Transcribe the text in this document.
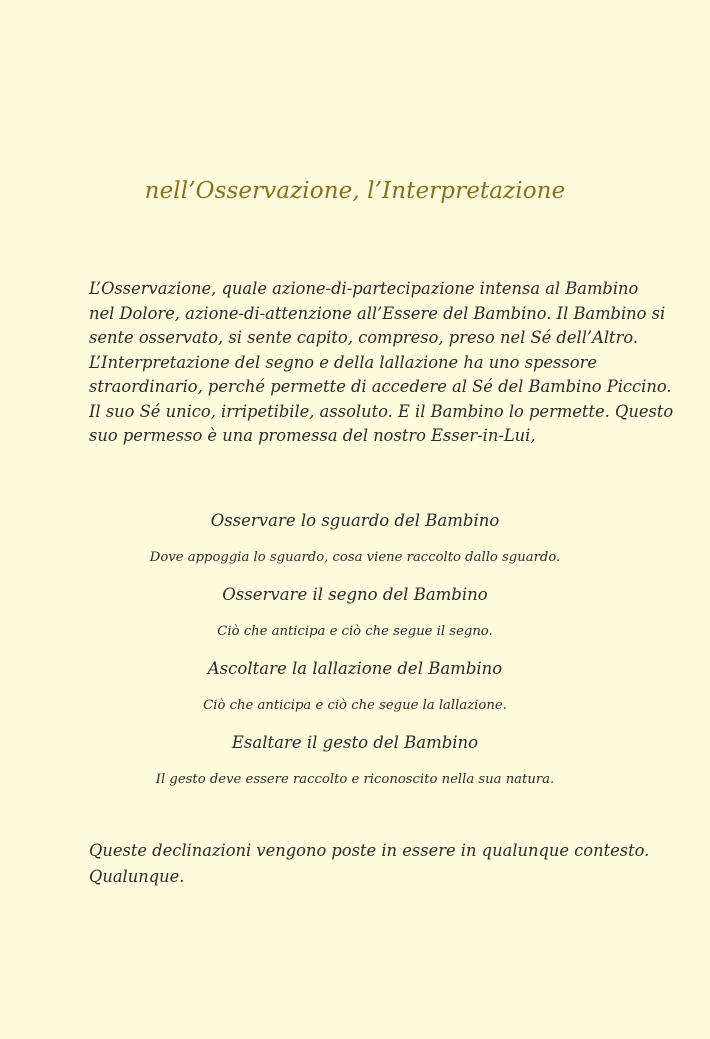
nell’Osservazione, l’Interpretazione

L’Osservazione, quale azione-di-partecipazione intensa al Bambino
nel Dolore, azione-di-attenzione all’Essere del Bambino. Il Bambino si
sente osservato, si sente capito, compreso, preso nel Sé dell’Altro.
L’Interpretazione del segno e della lallazione ha uno spessore
straordinario, perché permette di accedere al Sé del Bambino Piccino.
Il suo Sé unico, irripetibile, assoluto. E il Bambino lo permette. Questo
suo permesso è una promessa del nostro Esser-in-Lui,

Osservare lo sguardo del Bambino
Dove appoggia lo sguardo, cosa viene raccolto dallo sguardo.
Osservare il segno del Bambino
Ciò che anticipa e ciò che segue il segno.
Ascoltare la lallazione del Bambino
Ciò che anticipa e ciò che segue la lallazione.
Esaltare il gesto del Bambino
Il gesto deve essere raccolto e riconoscito nella sua natura.

Queste declinazioni vengono poste in essere in qualunque contesto.
Qualunque.
